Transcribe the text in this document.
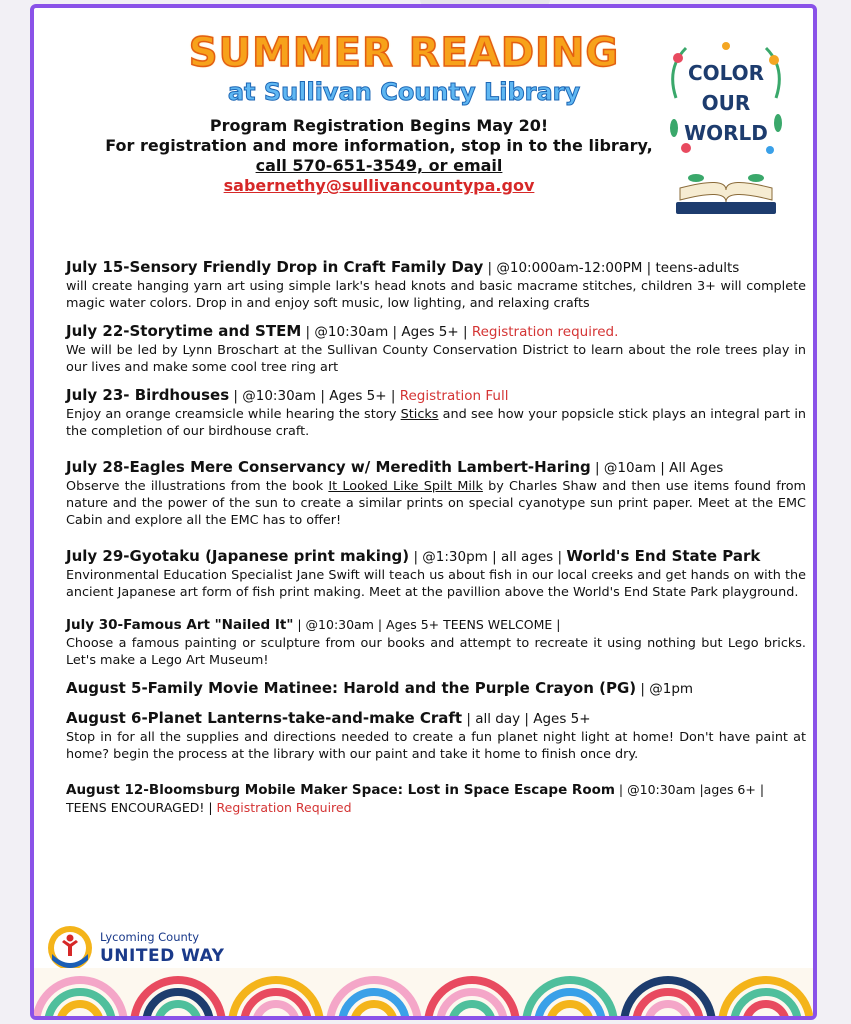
SUMMER READING
at Sullivan County Library
Program Registration Begins May 20!
For registration and more information, stop in to the library,
call 570-651-3549, or email
sabernethy@sullivancountypa.gov
COLOR
OUR
WORLD
July 15-Sensory Friendly Drop in Craft Family Day | @10:000am-12:00PM | teens-adults
will create hanging yarn art using simple lark's head knots and basic macrame stitches, children 3+ will complete magic water colors. Drop in and enjoy soft music, low lighting, and relaxing crafts
July 22-Storytime and STEM | @10:30am | Ages 5+ | Registration required.
We will be led by Lynn Broschart at the Sullivan County Conservation District to learn about the role trees play in our lives and make some cool tree ring art
July 23- Birdhouses | @10:30am | Ages 5+ | Registration Full
Enjoy an orange creamsicle while hearing the story Sticks and see how your popsicle stick plays an integral part in the completion of our birdhouse craft.
July 28-Eagles Mere Conservancy w/ Meredith Lambert-Haring | @10am | All Ages
Observe the illustrations from the book It Looked Like Spilt Milk by Charles Shaw and then use items found from nature and the power of the sun to create a similar prints on special cyanotype sun print paper. Meet at the EMC Cabin and explore all the EMC has to offer!
July 29-Gyotaku (Japanese print making) | @1:30pm | all ages | World's End State Park
Environmental Education Specialist Jane Swift will teach us about fish in our local creeks and get hands on with the ancient Japanese art form of fish print making. Meet at the pavillion above the World's End State Park playground.
July 30-Famous Art "Nailed It" | @10:30am | Ages 5+ TEENS WELCOME |
Choose a famous painting or sculpture from our books and attempt to recreate it using nothing but Lego bricks. Let's make a Lego Art Museum!
August 5-Family Movie Matinee: Harold and the Purple Crayon (PG) | @1pm
August 6-Planet Lanterns-take-and-make Craft | all day | Ages 5+
Stop in for all the supplies and directions needed to create a fun planet night light at home! Don't have paint at home? begin the process at the library with our paint and take it home to finish once dry.
August 12-Bloomsburg Mobile Maker Space: Lost in Space Escape Room | @10:30am |ages 6+ | TEENS ENCOURAGED! | Registration Required
Lycoming County
UNITED WAY
